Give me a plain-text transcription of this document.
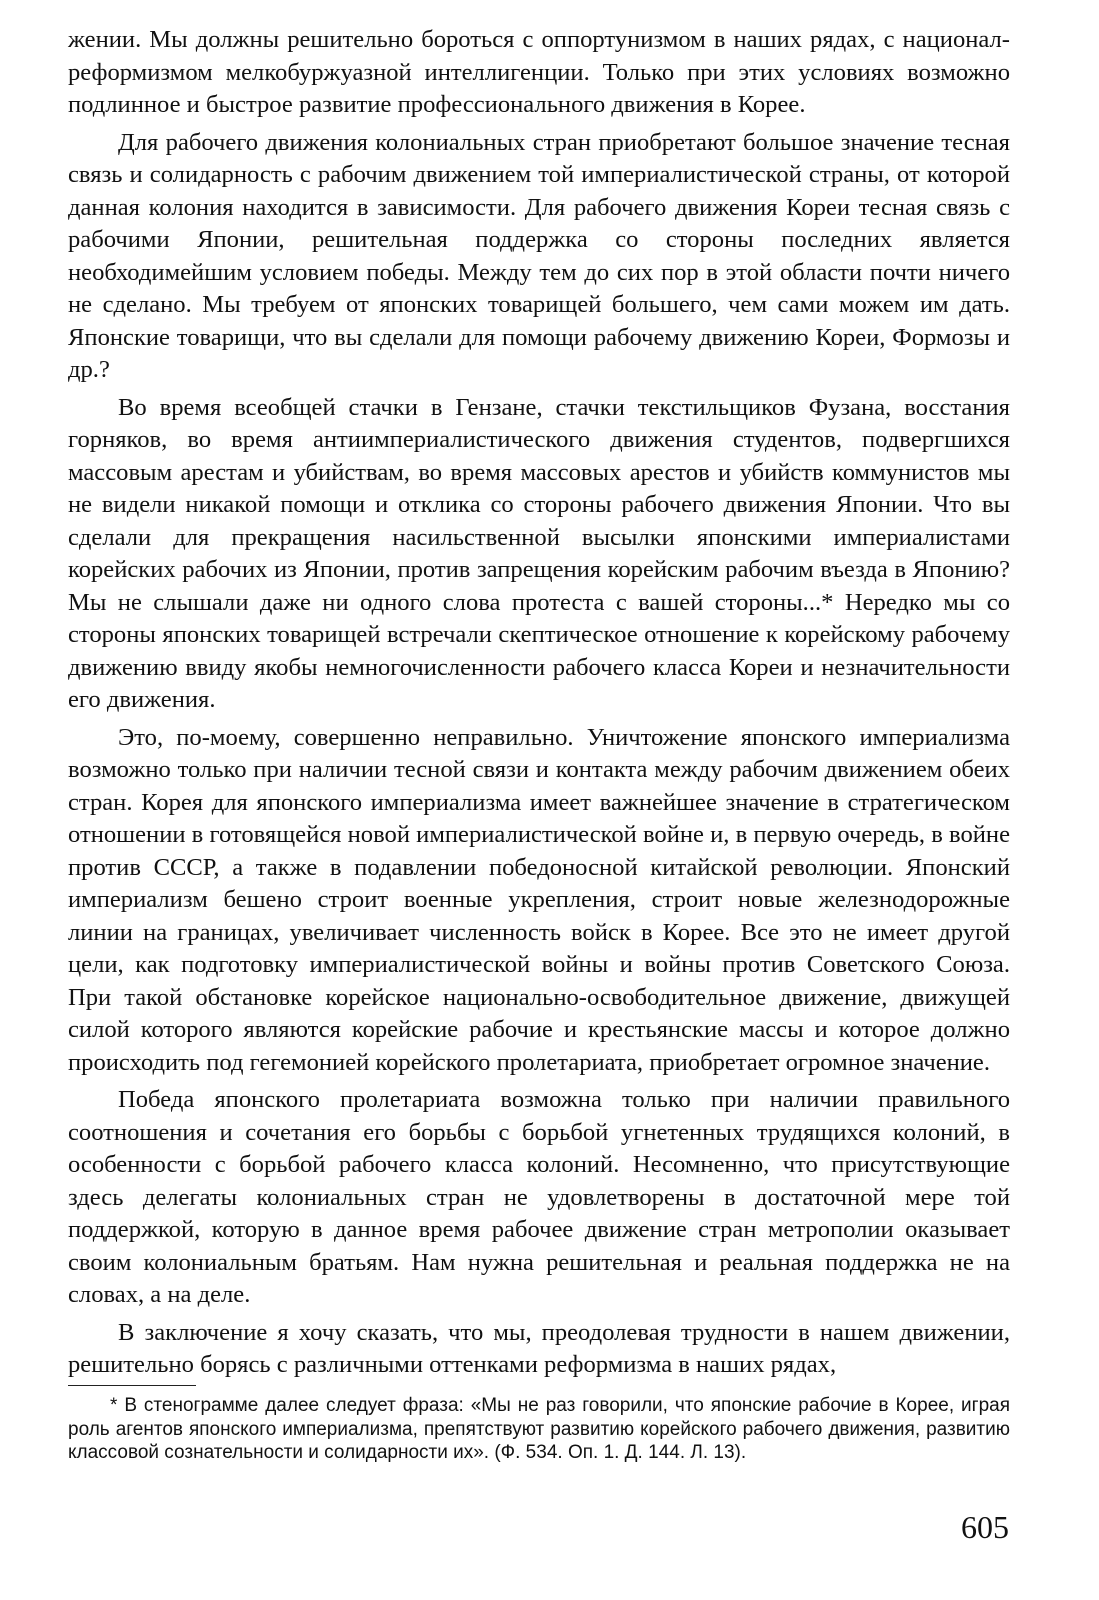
жении. Мы должны решительно бороться с оппортунизмом в наших рядах, с национал-реформизмом мелкобуржуазной интеллигенции. Только при этих условиях возможно подлинное и быстрое развитие профессионального движения в Корее.

Для рабочего движения колониальных стран приобретают большое значение тесная связь и солидарность с рабочим движением той империалистической страны, от которой данная колония находится в зависимости. Для рабочего движения Кореи тесная связь с рабочими Японии, решительная поддержка со стороны последних является необходимейшим условием победы. Между тем до сих пор в этой области почти ничего не сделано. Мы требуем от японских товарищей большего, чем сами можем им дать. Японские товарищи, что вы сделали для помощи рабочему движению Кореи, Формозы и др.?

Во время всеобщей стачки в Гензане, стачки текстильщиков Фузана, восстания горняков, во время антиимпериалистического движения студентов, подвергшихся массовым арестам и убийствам, во время массовых арестов и убийств коммунистов мы не видели никакой помощи и отклика со стороны рабочего движения Японии. Что вы сделали для прекращения насильственной высылки японскими империалистами корейских рабочих из Японии, против запрещения корейским рабочим въезда в Японию? Мы не слышали даже ни одного слова протеста с вашей стороны...* Нередко мы со стороны японских товарищей встречали скептическое отношение к корейскому рабочему движению ввиду якобы немногочисленности рабочего класса Кореи и незначительности его движения.

Это, по-моему, совершенно неправильно. Уничтожение японского империализма возможно только при наличии тесной связи и контакта между рабочим движением обеих стран. Корея для японского империализма имеет важнейшее значение в стратегическом отношении в готовящейся новой империалистической войне и, в первую очередь, в войне против СССР, а также в подавлении победоносной китайской революции. Японский империализм бешено строит военные укрепления, строит новые железнодорожные линии на границах, увеличивает численность войск в Корее. Все это не имеет другой цели, как подготовку империалистической войны и войны против Советского Союза. При такой обстановке корейское национально-освободительное движение, движущей силой которого являются корейские рабочие и крестьянские массы и которое должно происходить под гегемонией корейского пролетариата, приобретает огромное значение.

Победа японского пролетариата возможна только при наличии правильного соотношения и сочетания его борьбы с борьбой угнетенных трудящихся колоний, в особенности с борьбой рабочего класса колоний. Несомненно, что присутствующие здесь делегаты колониальных стран не удовлетворены в достаточной мере той поддержкой, которую в данное время рабочее движение стран метрополии оказывает своим колониальным братьям. Нам нужна решительная и реальная поддержка не на словах, а на деле.

В заключение я хочу сказать, что мы, преодолевая трудности в нашем движении, решительно борясь с различными оттенками реформизма в наших рядах,

* В стенограмме далее следует фраза: «Мы не раз говорили, что японские рабочие в Корее, играя роль агентов японского империализма, препятствуют развитию корейского рабочего движения, развитию классовой сознательности и солидарности их». (Ф. 534. Оп. 1. Д. 144. Л. 13).

605
